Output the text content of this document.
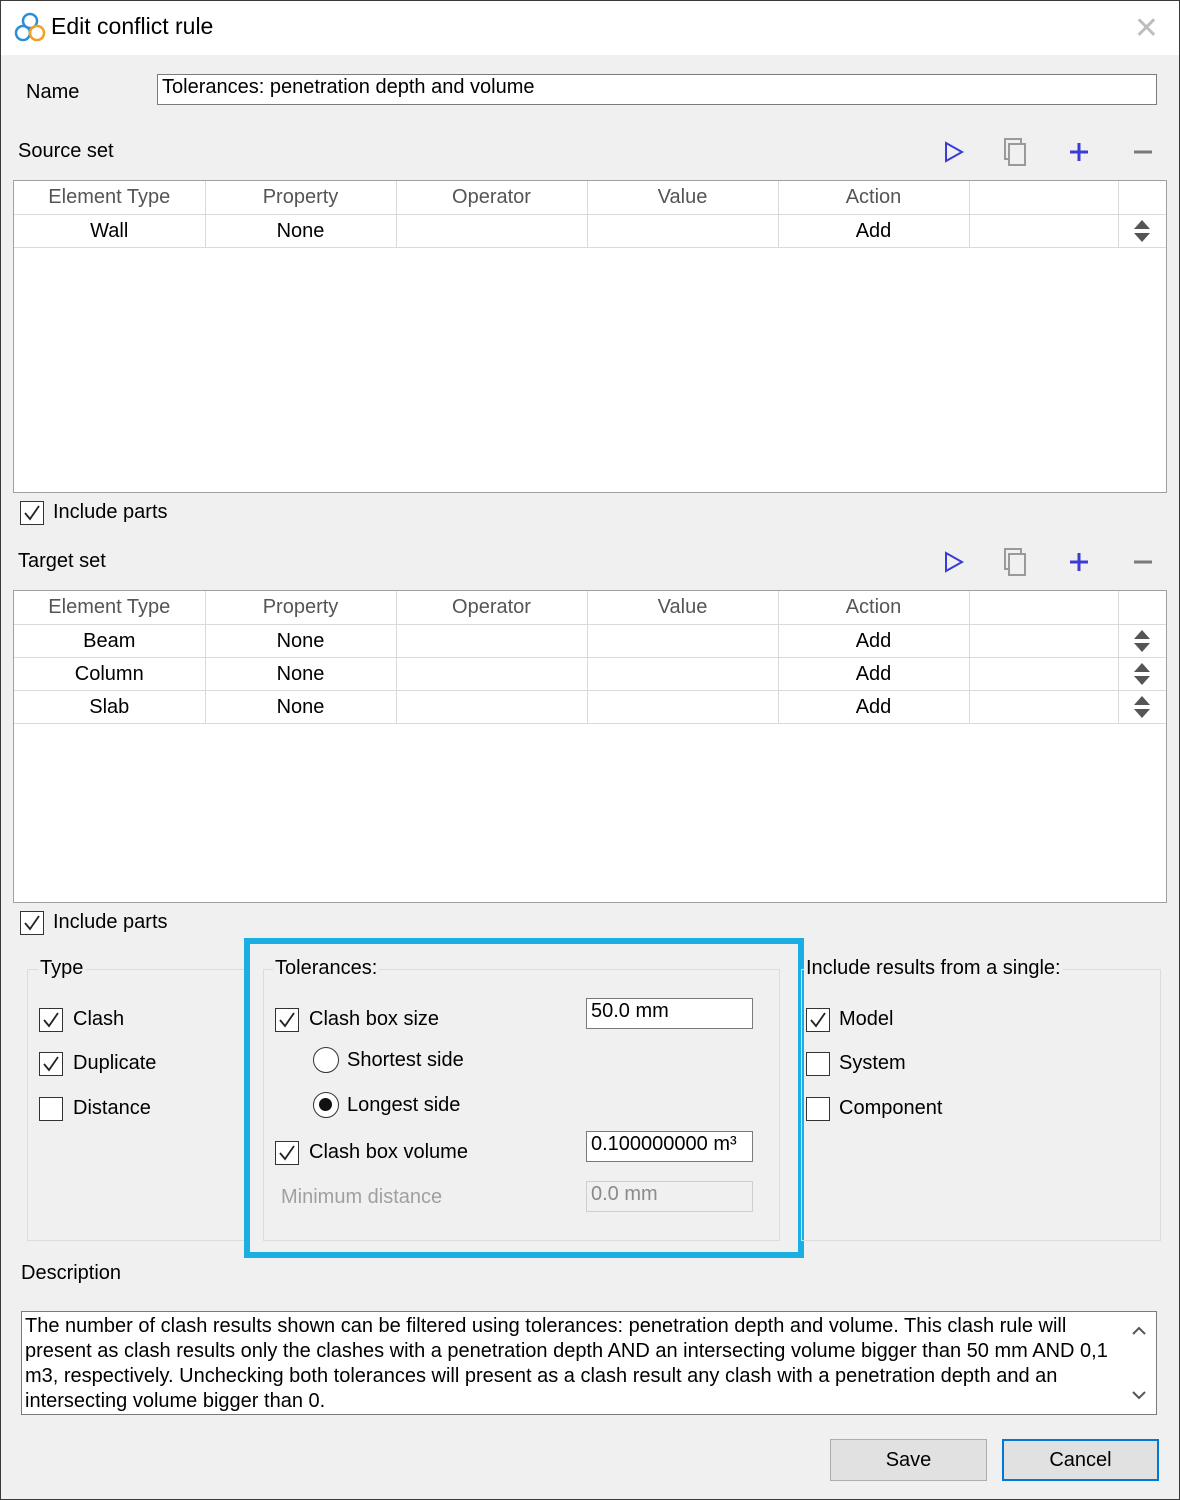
Edit conflict rule	✕
Name	Tolerances: penetration depth and volume
Source set
Element Type	Property	Operator	Value	Action		
Wall	None			Add		
Include parts
Target set
Element Type	Property	Operator	Value	Action		
Beam	None			Add		
Column	None			Add		
Slab	None			Add		
Include parts
Type
Clash
Duplicate
Distance
Tolerances:
Clash box size	50.0 mm
Shortest side
Longest side
Clash box volume	0.100000000 m³
Minimum distance	0.0 mm
Include results from a single:
Model
System
Component
Description
The number of clash results shown can be filtered using tolerances: penetration depth and volume. This clash rule will present as clash results only the clashes with a penetration depth AND an intersecting volume bigger than 50 mm AND 0,1 m3, respectively. Unchecking both tolerances will present as a clash result any clash with a penetration depth and an intersecting volume bigger than 0.
Save	Cancel
